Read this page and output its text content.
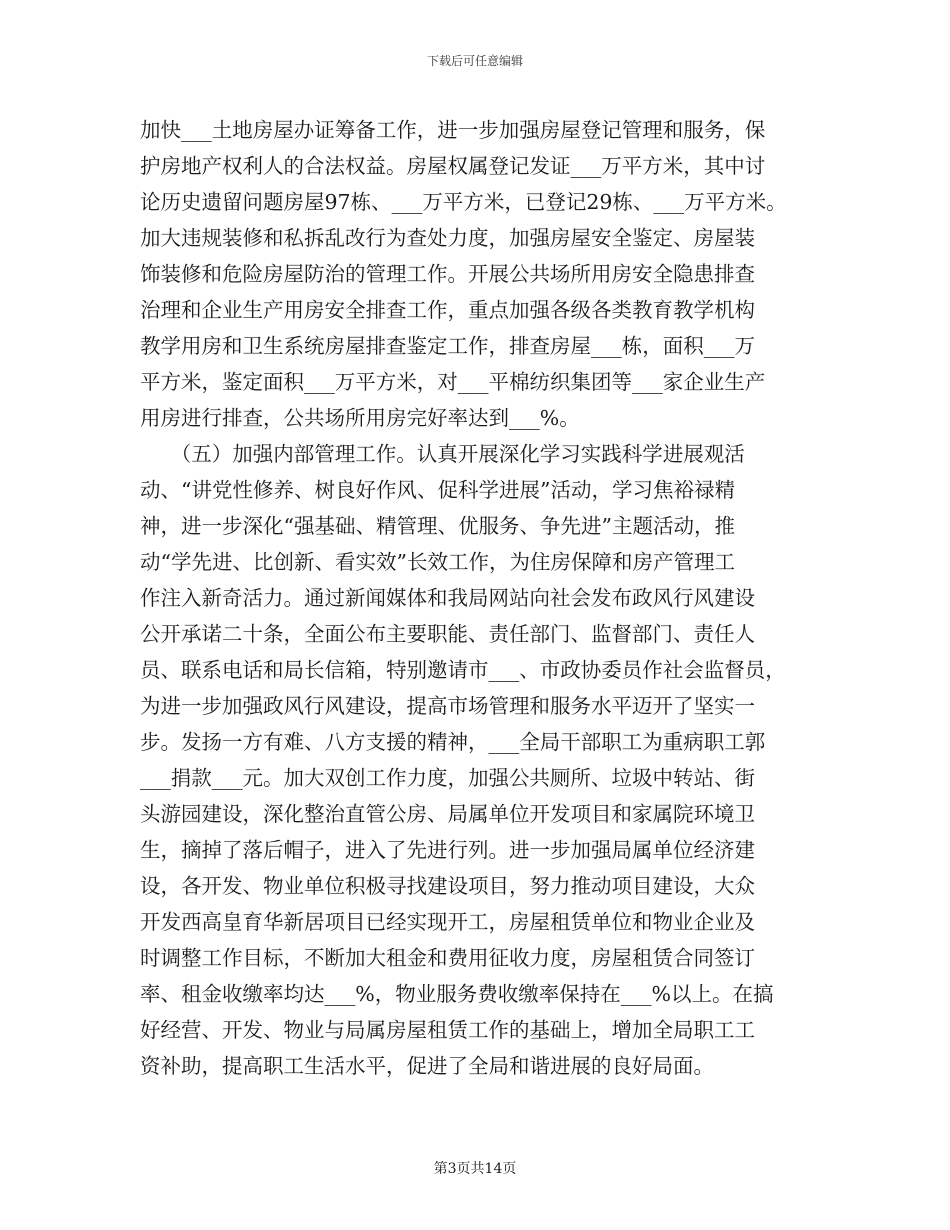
下载后可任意编辑
加快___土地房屋办证筹备工作，进一步加强房屋登记管理和服务，保
护房地产权利人的合法权益。房屋权属登记发证___万平方米，其中讨
论历史遗留问题房屋97栋、___万平方米，已登记29栋、___万平方米。
加大违规装修和私拆乱改行为查处力度，加强房屋安全鉴定、房屋装
饰装修和危险房屋防治的管理工作。开展公共场所用房安全隐患排查
治理和企业生产用房安全排查工作，重点加强各级各类教育教学机构
教学用房和卫生系统房屋排查鉴定工作，排查房屋___栋，面积___万
平方米，鉴定面积___万平方米，对___平棉纺织集团等___家企业生产
用房进行排查，公共场所用房完好率达到___%。
　　（五）加强内部管理工作。认真开展深化学习实践科学进展观活
动、“讲党性修养、树良好作风、促科学进展”活动，学习焦裕禄精
神，进一步深化“强基础、精管理、优服务、争先进”主题活动，推
动“学先进、比创新、看实效”长效工作，为住房保障和房产管理工
作注入新奇活力。通过新闻媒体和我局网站向社会发布政风行风建设
公开承诺二十条，全面公布主要职能、责任部门、监督部门、责任人
员、联系电话和局长信箱，特别邀请市___、市政协委员作社会监督员，
为进一步加强政风行风建设，提高市场管理和服务水平迈开了坚实一
步。发扬一方有难、八方支援的精神，___全局干部职工为重病职工郭
___捐款___元。加大双创工作力度，加强公共厕所、垃圾中转站、街
头游园建设，深化整治直管公房、局属单位开发项目和家属院环境卫
生，摘掉了落后帽子，进入了先进行列。进一步加强局属单位经济建
设，各开发、物业单位积极寻找建设项目，努力推动项目建设，大众
开发西高皇育华新居项目已经实现开工，房屋租赁单位和物业企业及
时调整工作目标，不断加大租金和费用征收力度，房屋租赁合同签订
率、租金收缴率均达___%，物业服务费收缴率保持在___%以上。在搞
好经营、开发、物业与局属房屋租赁工作的基础上，增加全局职工工
资补助，提高职工生活水平，促进了全局和谐进展的良好局面。
第3页共14页
